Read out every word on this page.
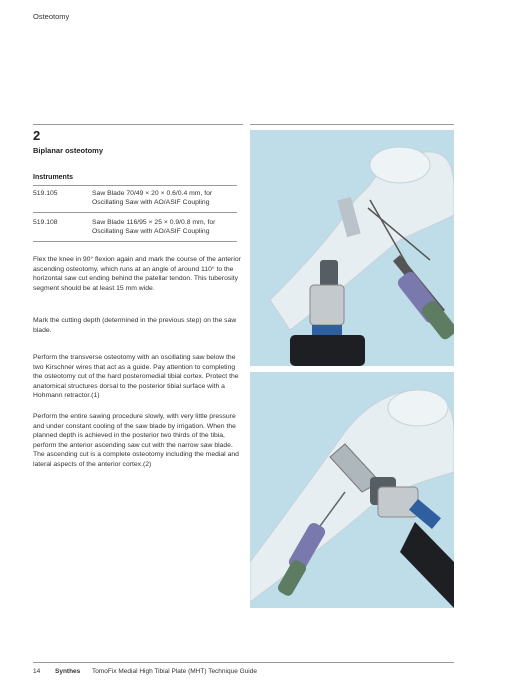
Osteotomy
2
Biplanar osteotomy
Instruments
519.105	Saw Blade 70/49 × 20 × 0.6/0.4 mm, for Oscillating Saw with AO/ASIF Coupling
519.108	Saw Blade 116/95 × 25 × 0.9/0.8 mm, for Oscillating Saw with AO/ASIF Coupling

Flex the knee in 90° flexion again and mark the course of the anterior ascending osteotomy, which runs at an angle of around 110° to the horizontal saw cut ending behind the patellar tendon. This tuberosity segment should be at least 15 mm wide.

Mark the cutting depth (determined in the previous step) on the saw blade.

Perform the transverse osteotomy with an oscillating saw below the two Kirschner wires that act as a guide. Pay attention to completing the osteotomy cut of the hard posteromedial tibial cortex. Protect the anatomical structures dorsal to the posterior tibial surface with a Hohmann retractor.(1)

Perform the entire sawing procedure slowly, with very little pressure and under constant cooling of the saw blade by irrigation. When the planned depth is achieved in the posterior two thirds of the tibia, perform the anterior ascending saw cut with the narrow saw blade. The ascending cut is a complete osteotomy including the medial and lateral aspects of the anterior cortex.(2)

14 Synthes TomoFix Medial High Tibial Plate (MHT) Technique Guide
